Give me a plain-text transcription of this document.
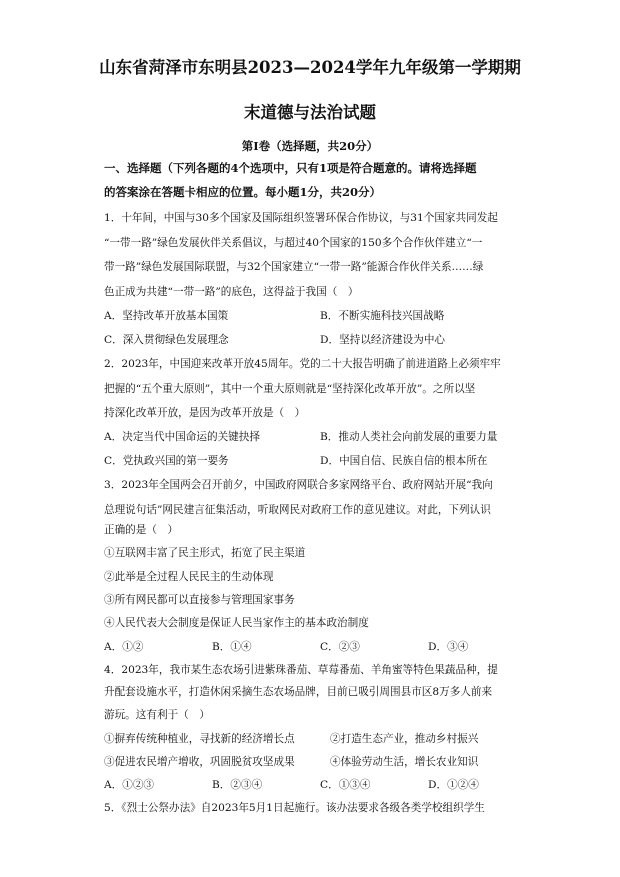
山东省菏泽市东明县2023—2024学年九年级第一学期期
末道德与法治试题
第Ⅰ卷（选择题，共20分）
一、选择题（下列各题的4个选项中，只有1项是符合题意的。请将选择题
的答案涂在答题卡相应的位置。每小题1分，共20分）
1．十年间，中国与30多个国家及国际组织签署环保合作协议，与31个国家共同发起
“一带一路”绿色发展伙伴关系倡议，与超过40个国家的150多个合作伙伴建立“一
带一路”绿色发展国际联盟，与32个国家建立“一带一路”能源合作伙伴关系……绿
色正成为共建“一带一路”的底色，这得益于我国（　）
A．坚持改革开放基本国策	B．不断实施科技兴国战略
C．深入贯彻绿色发展理念	D．坚持以经济建设为中心
2．2023年，中国迎来改革开放45周年。党的二十大报告明确了前进道路上必须牢牢
把握的“五个重大原则”，其中一个重大原则就是“坚持深化改革开放”。之所以坚
持深化改革开放，是因为改革开放是（　）
A．决定当代中国命运的关键抉择	B．推动人类社会向前发展的重要力量
C．党执政兴国的第一要务	D．中国自信、民族自信的根本所在
3．2023年全国两会召开前夕，中国政府网联合多家网络平台、政府网站开展“我向
总理说句话”网民建言征集活动，听取网民对政府工作的意见建议。对此，下列认识
正确的是（　）
①互联网丰富了民主形式，拓宽了民主渠道
②此举是全过程人民民主的生动体现
③所有网民都可以直接参与管理国家事务
④人民代表大会制度是保证人民当家作主的基本政治制度
A．①②	B．①④	C．②③	D．③④
4．2023年，我市某生态农场引进紫珠番茄、草莓番茄、羊角蜜等特色果蔬品种，提
升配套设施水平，打造休闲采摘生态农场品牌，目前已吸引周围县市区8万多人前来
游玩。这有利于（　）
①摒弃传统种植业，寻找新的经济增长点	②打造生态产业，推动乡村振兴
③促进农民增产增收，巩固脱贫攻坚成果	④体验劳动生活，增长农业知识
A．①②③	B．②③④	C．①③④	D．①②④
5．《烈士公祭办法》自2023年5月1日起施行。该办法要求各级各类学校组织学生
